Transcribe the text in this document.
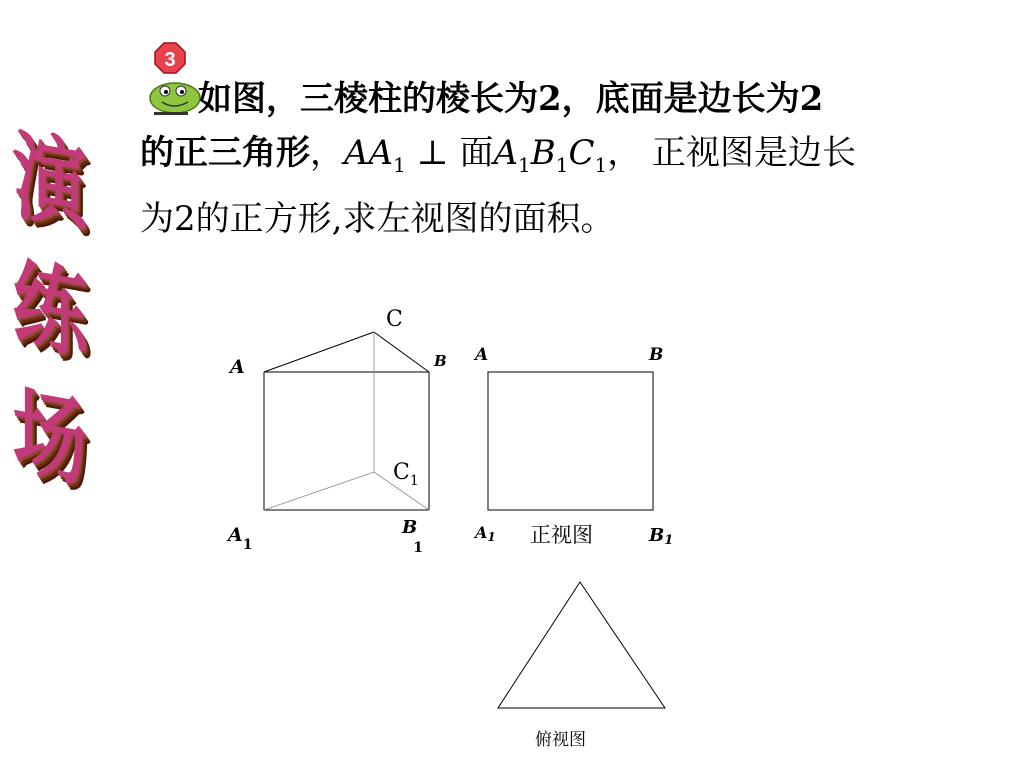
演
练
场
3
如图，三棱柱的棱长为2，底面是边长为2
的正三角形，$AA_1$ ⊥ 面$A_1B_1C_1$， 正视图是边长
为2的正方形,求左视图的面积。
C
A	B
$C_1$
$A_1$
B 1
A	B
A1	B1
正视图
俯视图
